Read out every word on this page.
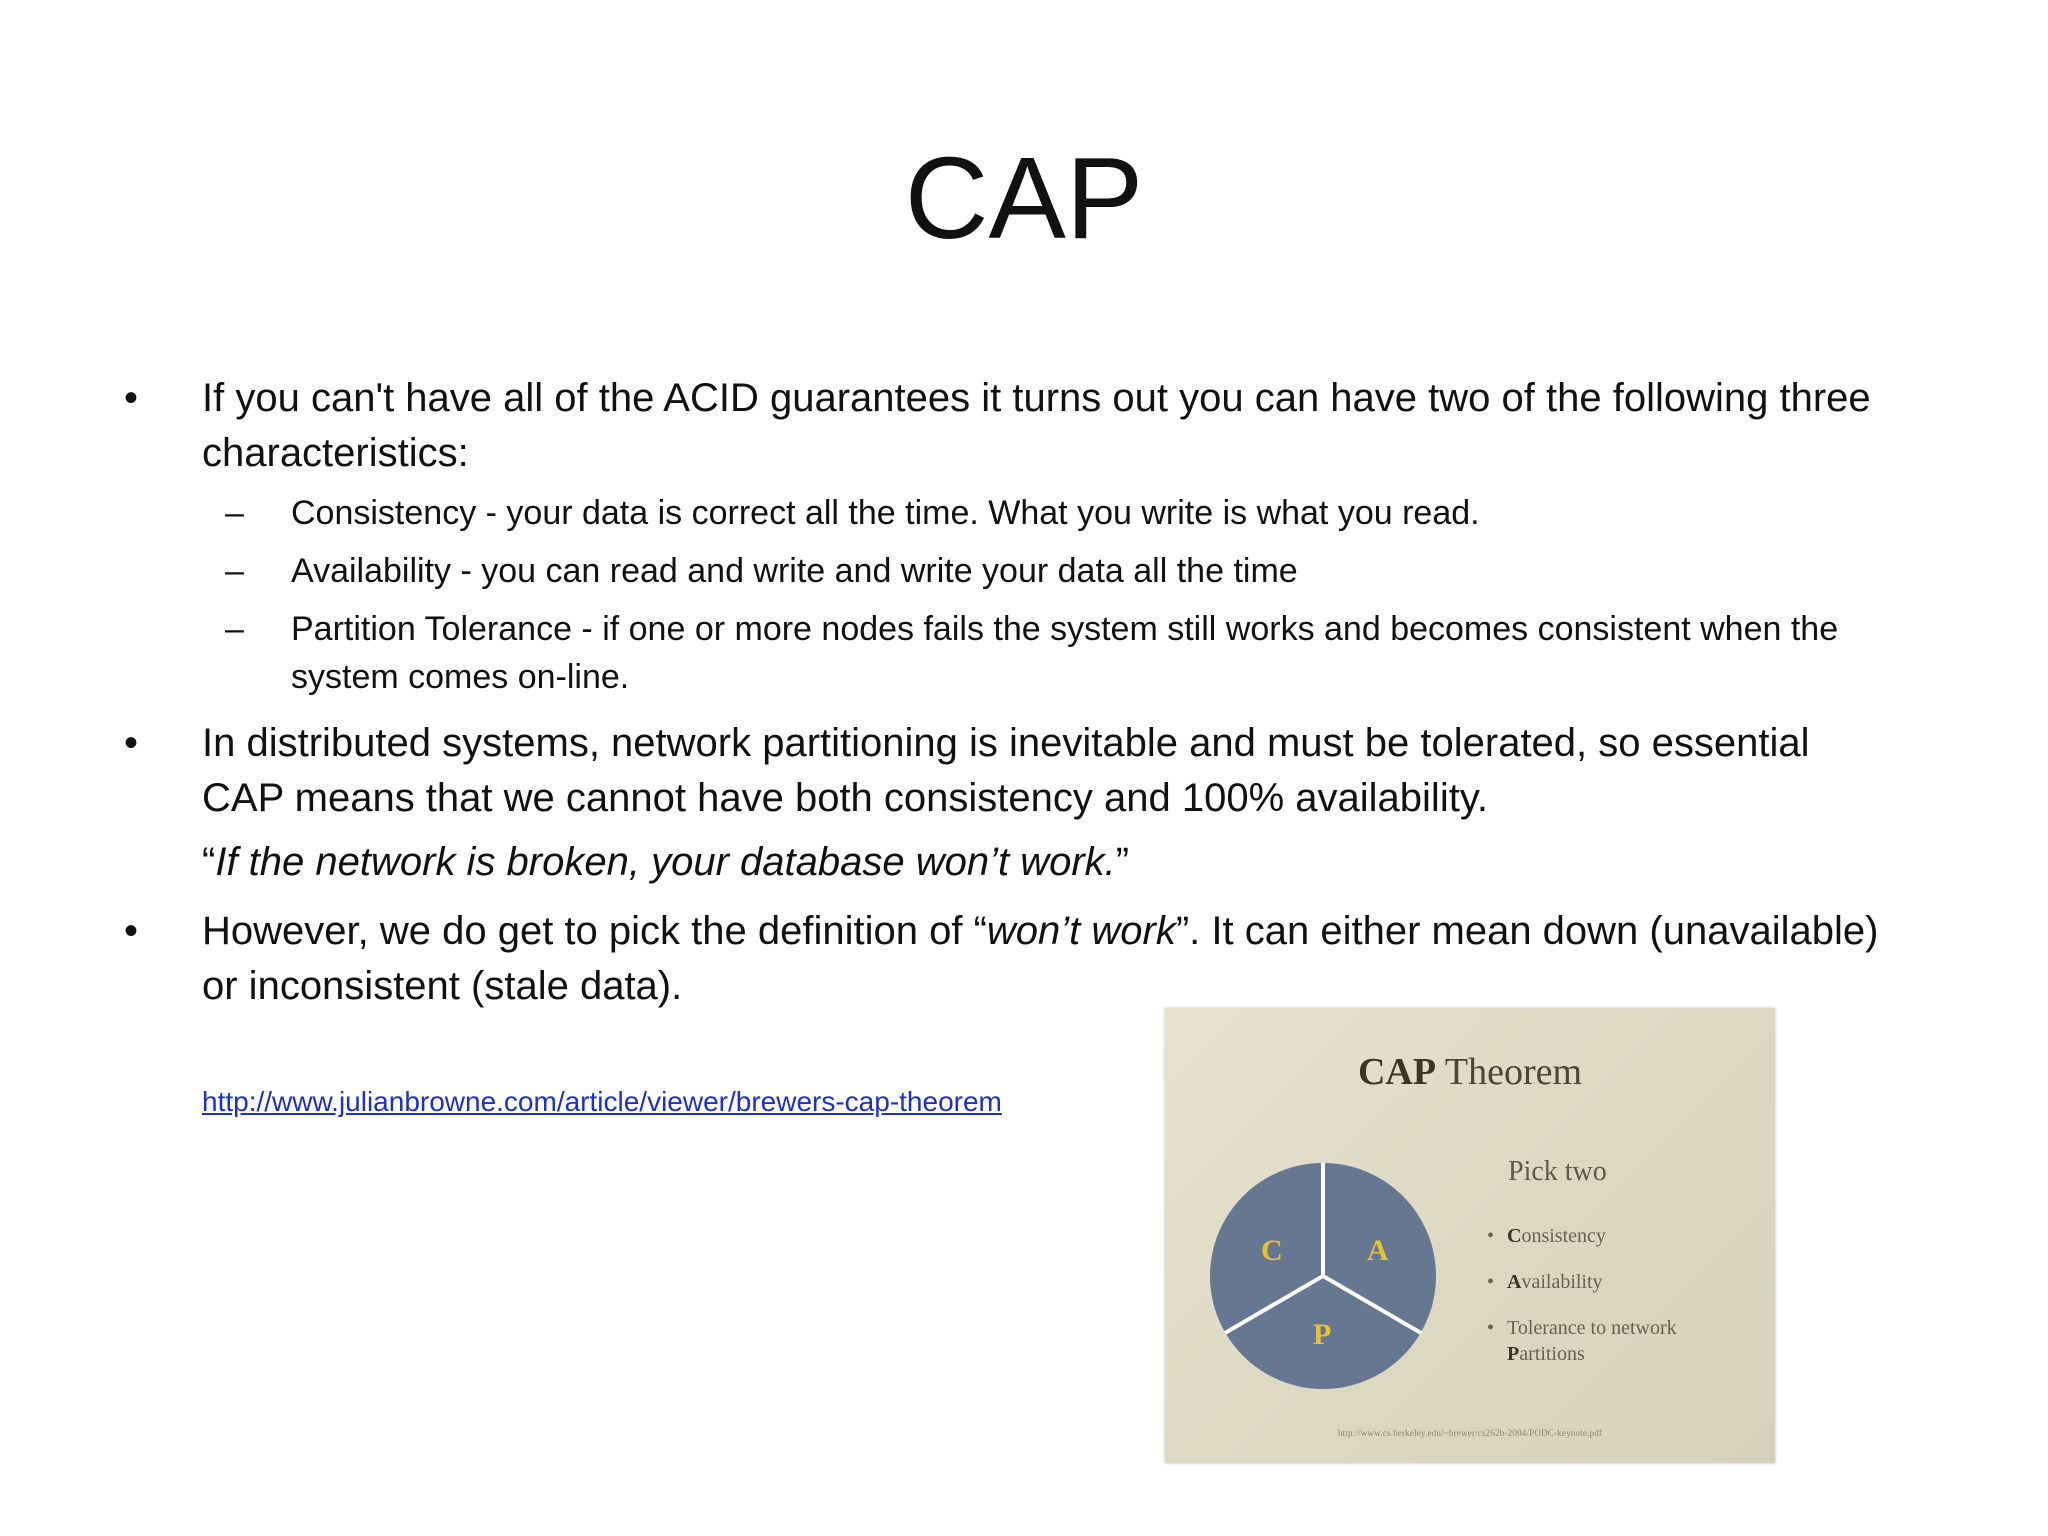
CAP
• If you can't have all of the ACID guarantees it turns out you can have two of the following three characteristics:
– Consistency - your data is correct all the time. What you write is what you read.
– Availability - you can read and write and write your data all the time
– Partition Tolerance - if one or more nodes fails the system still works and becomes consistent when the system comes on-line.
• In distributed systems, network partitioning is inevitable and must be tolerated, so essential CAP means that we cannot have both consistency and 100% availability.
“If the network is broken, your database won’t work.”
• However, we do get to pick the definition of “won’t work”. It can either mean down (unavailable) or inconsistent (stale data).
http://www.julianbrowne.com/article/viewer/brewers-cap-theorem
CAP Theorem
C	A
P
Pick two
• Consistency
• Availability
• Tolerance to network
Partitions
http://www.cs.berkeley.edu/~brewer/cs262b-2004/PODC-keynote.pdf
